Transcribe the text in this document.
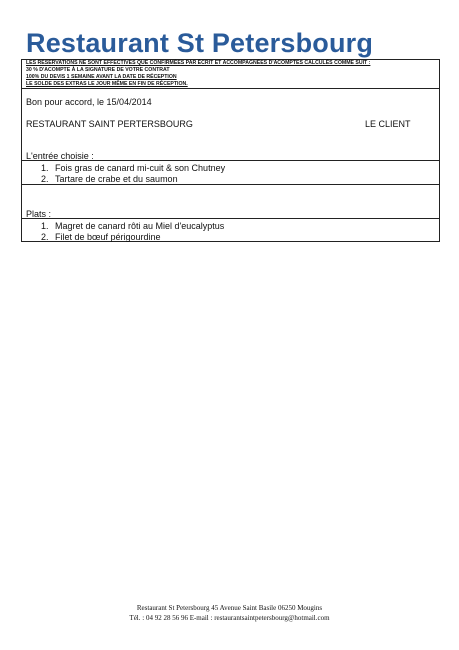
Restaurant St Petersbourg
LES RÉSERVATIONS NE SONT EFFECTIVES QUE CONFIRMÉES PAR ÉCRIT ET ACCOMPAGNÉES D'ACOMPTES CALCULÉS COMME SUIT :
30 % D'ACOMPTE À LA SIGNATURE DE VOTRE CONTRAT
100% DU DEVIS 1 SEMAINE AVANT LA DATE DE RÉCEPTION
LE SOLDE DES EXTRAS LE JOUR MÊME EN FIN DE RÉCEPTION.
Bon pour accord, le 15/04/2014
RESTAURANT SAINT PERTERSBOURG	LE CLIENT
L'entrée choisie :
1. Fois gras de canard mi-cuit & son Chutney
2. Tartare de crabe et du saumon
Plats :
1. Magret de canard rôti au Miel d'eucalyptus
2. Filet de bœuf périgourdine
Restaurant St Petersbourg 45 Avenue Saint Basile 06250 Mougins
Tél. : 04 92 28 56 96 E-mail : restaurantsaintpetersbourg@hotmail.com
